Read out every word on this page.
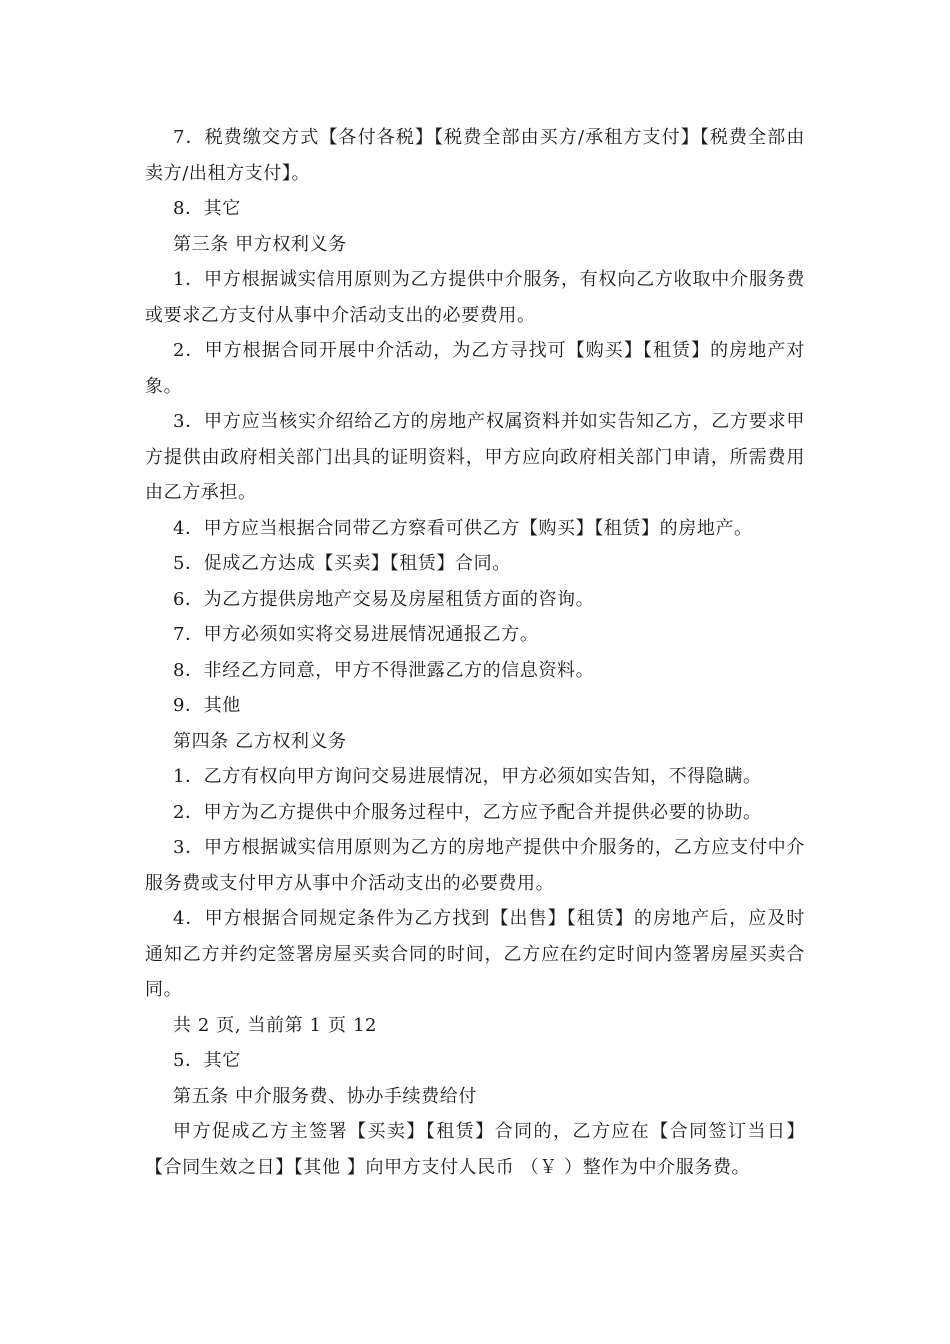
7．税费缴交方式【各付各税】【税费全部由买方/承租方支付】【税费全部由卖方/出租方支付】。

8．其它

第三条 甲方权利义务

1．甲方根据诚实信用原则为乙方提供中介服务，有权向乙方收取中介服务费或要求乙方支付从事中介活动支出的必要费用。

2．甲方根据合同开展中介活动，为乙方寻找可【购买】【租赁】的房地产对象。

3．甲方应当核实介绍给乙方的房地产权属资料并如实告知乙方，乙方要求甲方提供由政府相关部门出具的证明资料，甲方应向政府相关部门申请，所需费用由乙方承担。

4．甲方应当根据合同带乙方察看可供乙方【购买】【租赁】的房地产。

5．促成乙方达成【买卖】【租赁】合同。

6．为乙方提供房地产交易及房屋租赁方面的咨询。

7．甲方必须如实将交易进展情况通报乙方。

8．非经乙方同意，甲方不得泄露乙方的信息资料。

9．其他

第四条 乙方权利义务

1．乙方有权向甲方询问交易进展情况，甲方必须如实告知，不得隐瞒。

2．甲方为乙方提供中介服务过程中，乙方应予配合并提供必要的协助。

3．甲方根据诚实信用原则为乙方的房地产提供中介服务的，乙方应支付中介服务费或支付甲方从事中介活动支出的必要费用。

4．甲方根据合同规定条件为乙方找到【出售】【租赁】的房地产后，应及时通知乙方并约定签署房屋买卖合同的时间，乙方应在约定时间内签署房屋买卖合同。

共 2 页, 当前第 1 页 12

5．其它

第五条 中介服务费、协办手续费给付

甲方促成乙方主签署【买卖】【租赁】合同的，乙方应在【合同签订当日】【合同生效之日】【其他 】向甲方支付人民币 （￥ ）整作为中介服务费。
